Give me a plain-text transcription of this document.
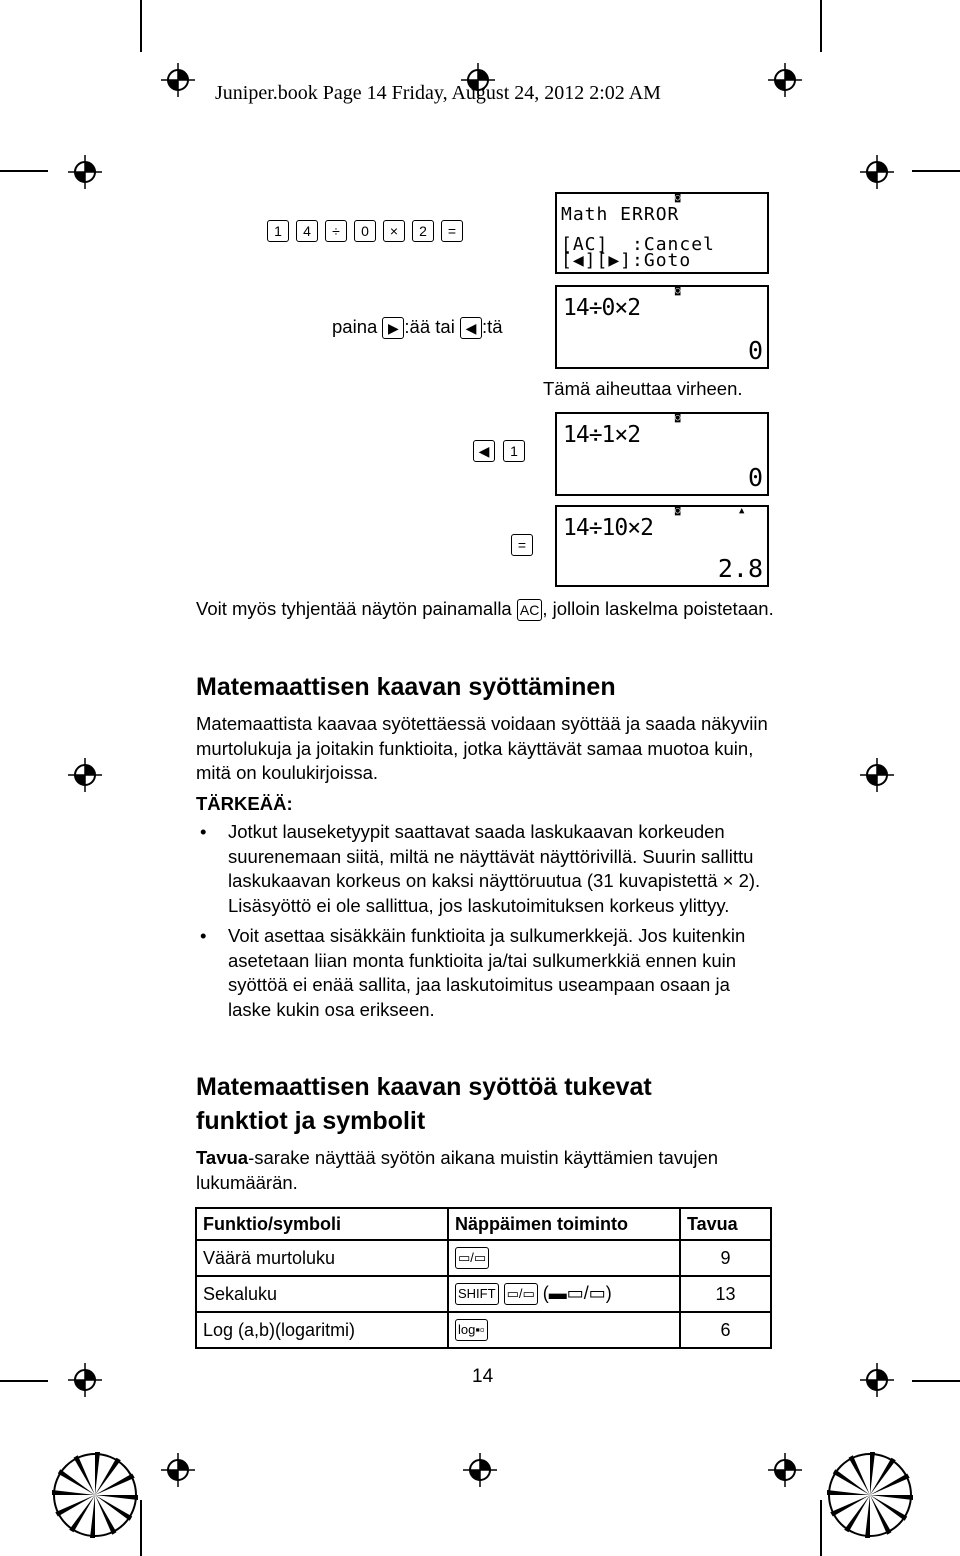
Juniper.book Page 14 Friday, August 24, 2012 2:02 AM
1	4	÷	0	×	2	=
◙
Math ERROR
[AC]  :Cancel
[◀][▶]:Goto
paina ▶ :ää tai ◀ :tä
◙
14÷0×2
0
Tämä aiheuttaa virheen.
◀	1
◙
14÷1×2
0
=
◙	▲
14÷10×2
2.8
Voit myös tyhjentää näytön painamalla AC , jolloin laskelma poistetaan.
Matemaattisen kaavan syöttäminen
Matemaattista kaavaa syötettäessä voidaan syöttää ja saada näkyviin murtolukuja ja joitakin funktioita, jotka käyttävät samaa muotoa kuin, mitä on koulukirjoissa.
TÄRKEÄÄ:
• Jotkut lauseketyypit saattavat saada laskukaavan korkeuden suurenemaan siitä, miltä ne näyttävät näyttörivillä. Suurin sallittu laskukaavan korkeus on kaksi näyttöruutua (31 kuvapistettä × 2). Lisäsyöttö ei ole sallittua, jos laskutoimituksen korkeus ylittyy.
• Voit asettaa sisäkkäin funktioita ja sulkumerkkejä. Jos kuitenkin asetetaan liian monta funktioita ja/tai sulkumerkkiä ennen kuin syöttöä ei enää sallita, jaa laskutoimitus useampaan osaan ja laske kukin osa erikseen.
Matemaattisen kaavan syöttöä tukevat
funktiot ja symbolit
Tavua-sarake näyttää syötön aikana muistin käyttämien tavujen lukumäärän.
Funktio/symboli	Näppäimen toiminto	Tavua
Väärä murtoluku	▭/▭	9
Sekaluku	SHIFT ▭/▭ (▬▭/▭)	13
Log (a,b)(logaritmi)	log▪▫	6
14
